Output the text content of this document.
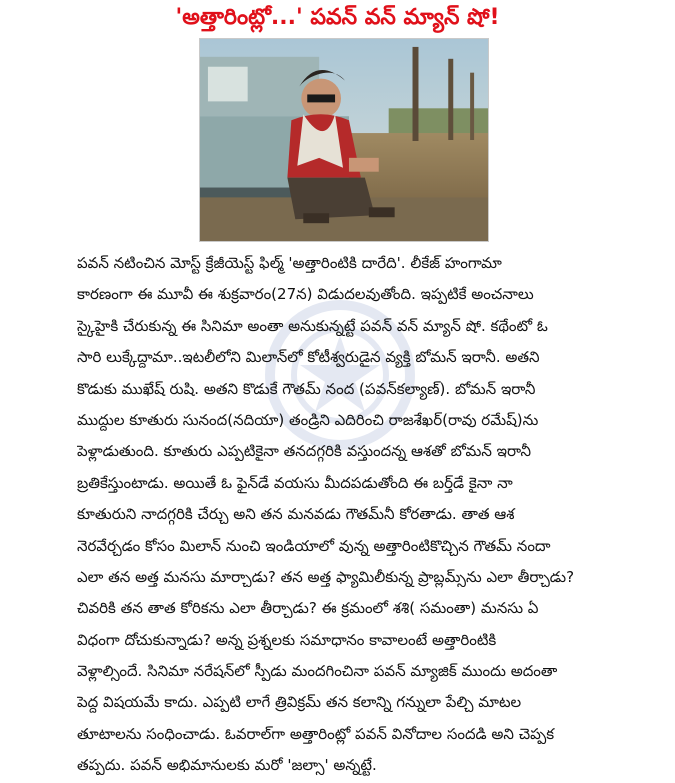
'అత్తారింట్లో...' పవన్ వన్ మ్యాన్ షో!
పవన్ నటించిన మోస్ట్ క్రేజీయెస్ట్ ఫిల్మ్ 'అత్తారింటికి దారేది'. లీకేజ్ హంగామా
కారణంగా ఈ మూవీ ఈ శుక్రవారం(27న) విడుదలవుతోంది. ఇప్పటికే అంచనాలు
స్కైహైకి చేరుకున్న ఈ సినిమా అంతా అనుకున్నట్టే పవన్ వన్ మ్యాన్ షో. కథేంటో ఓ
సారి లుక్కేద్దామా..ఇటలీలోని మిలాన్‌లో కోటీశ్వరుడైన వ్యక్తి బోమన్ ఇరానీ. అతని
కొడుకు ముఖేష్ రుషి. అతని కొడుకే గౌతమ్ నంద (పవన్‌కల్యాణ్). బోమన్ ఇరానీ
ముద్దుల కూతురు సునంద(నదియా) తండ్రిని ఎదిరించి రాజశేఖర్(రావు రమేష్)ను
పెళ్లాడుతుంది. కూతురు ఎప్పటికైనా తనదగ్గరికి వస్తుందన్న ఆశతో బోమన్ ఇరానీ
బ్రతికేస్తుంటాడు. అయితే ఓ ఫైన్‌డే వయసు మీదపడుతోంది ఈ బర్త్‌డే కైనా నా
కూతురుని నాదగ్గరికి చేర్చు అని తన మనవడు గౌతమ్‌నీ కోరతాడు. తాత ఆశ
నెరవేర్చడం కోసం మిలాన్ నుంచి ఇండియాలో వున్న అత్తారింటికొచ్చిన గౌతమ్ నందా
ఎలా తన అత్త మనసు మార్చాడు? తన అత్త ఫ్యామిలీకున్న ప్రాబ్లమ్స్‌ను ఎలా తీర్చాడు?
చివరికి తన తాత కోరికను ఎలా తీర్చాడు? ఈ క్రమంలో శశి( సమంతా) మనసు ఏ
విధంగా దోచుకున్నాడు? అన్న ప్రశ్నలకు సమాధానం కావాలంటే అత్తారింటికి
వెళ్లాల్సిందే. సినిమా నరేషన్‌లో స్పీడు మందగించినా పవన్ మ్యాజిక్ ముందు అదంతా
పెద్ద విషయమే కాదు. ఎప్పటి లాగే త్రివిక్రమ్ తన కలాన్ని గన్నులా పేల్చి మాటల
తూటాలను సంధించాడు. ఓవరాల్‌గా అత్తారింట్లో పవన్ వినోదాల సందడి అని చెప్పక
తప్పదు. పవన్ అభిమానులకు మరో 'జల్సా' అన్నట్టే.
